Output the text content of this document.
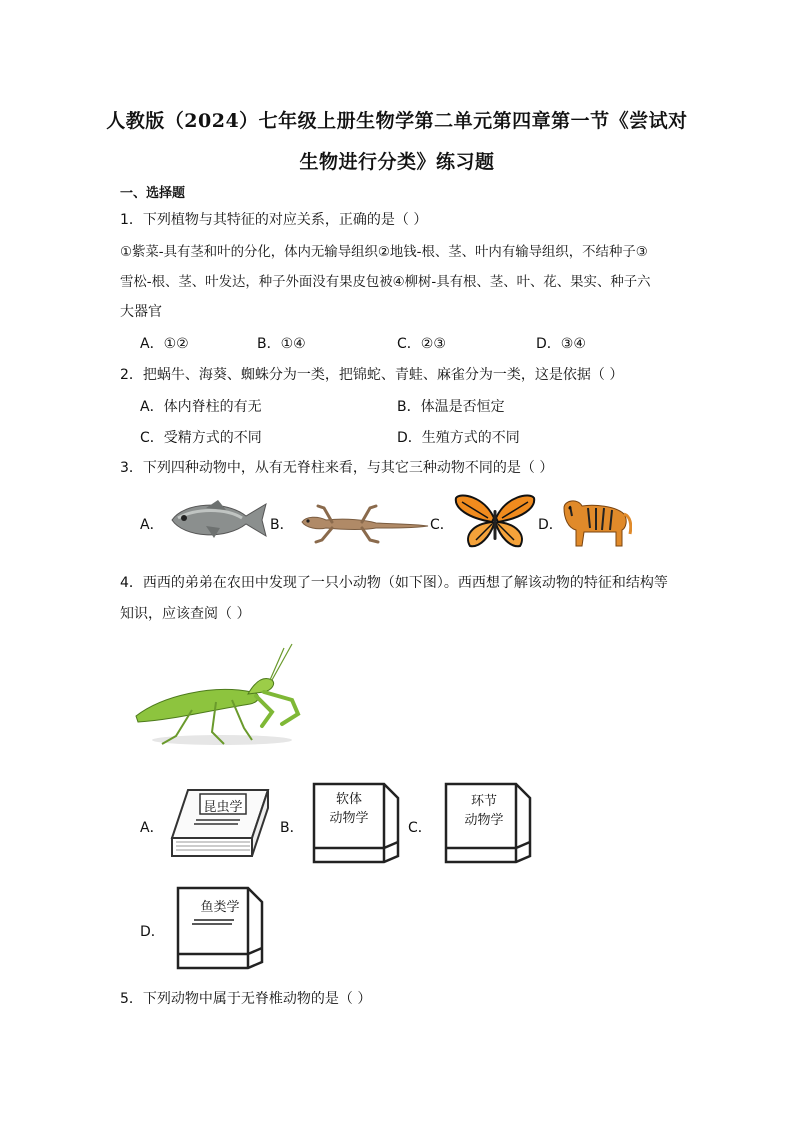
人教版（2024）七年级上册生物学第二单元第四章第一节《尝试对
生物进行分类》练习题
一、选择题
1．下列植物与其特征的对应关系，正确的是（ ）
①紫菜-具有茎和叶的分化，体内无输导组织②地钱-根、茎、叶内有输导组织，不结种子③
雪松-根、茎、叶发达，种子外面没有果皮包被④柳树-具有根、茎、叶、花、果实、种子六
大器官
A．①②	B．①④	C．②③	D．③④
2．把蜗牛、海葵、蜘蛛分为一类，把锦蛇、青蛙、麻雀分为一类，这是依据（ ）
A．体内脊柱的有无	B．体温是否恒定
C．受精方式的不同	D．生殖方式的不同
3．下列四种动物中，从有无脊柱来看，与其它三种动物不同的是（ ）
A．	B．	C．	D．
4．西西的弟弟在农田中发现了一只小动物（如下图）。西西想了解该动物的特征和结构等
知识，应该查阅（ ）
A．
昆虫学
B．
软体
动物学
C．
环节
动物学
D．
鱼类学
5．下列动物中属于无脊椎动物的是（ ）
